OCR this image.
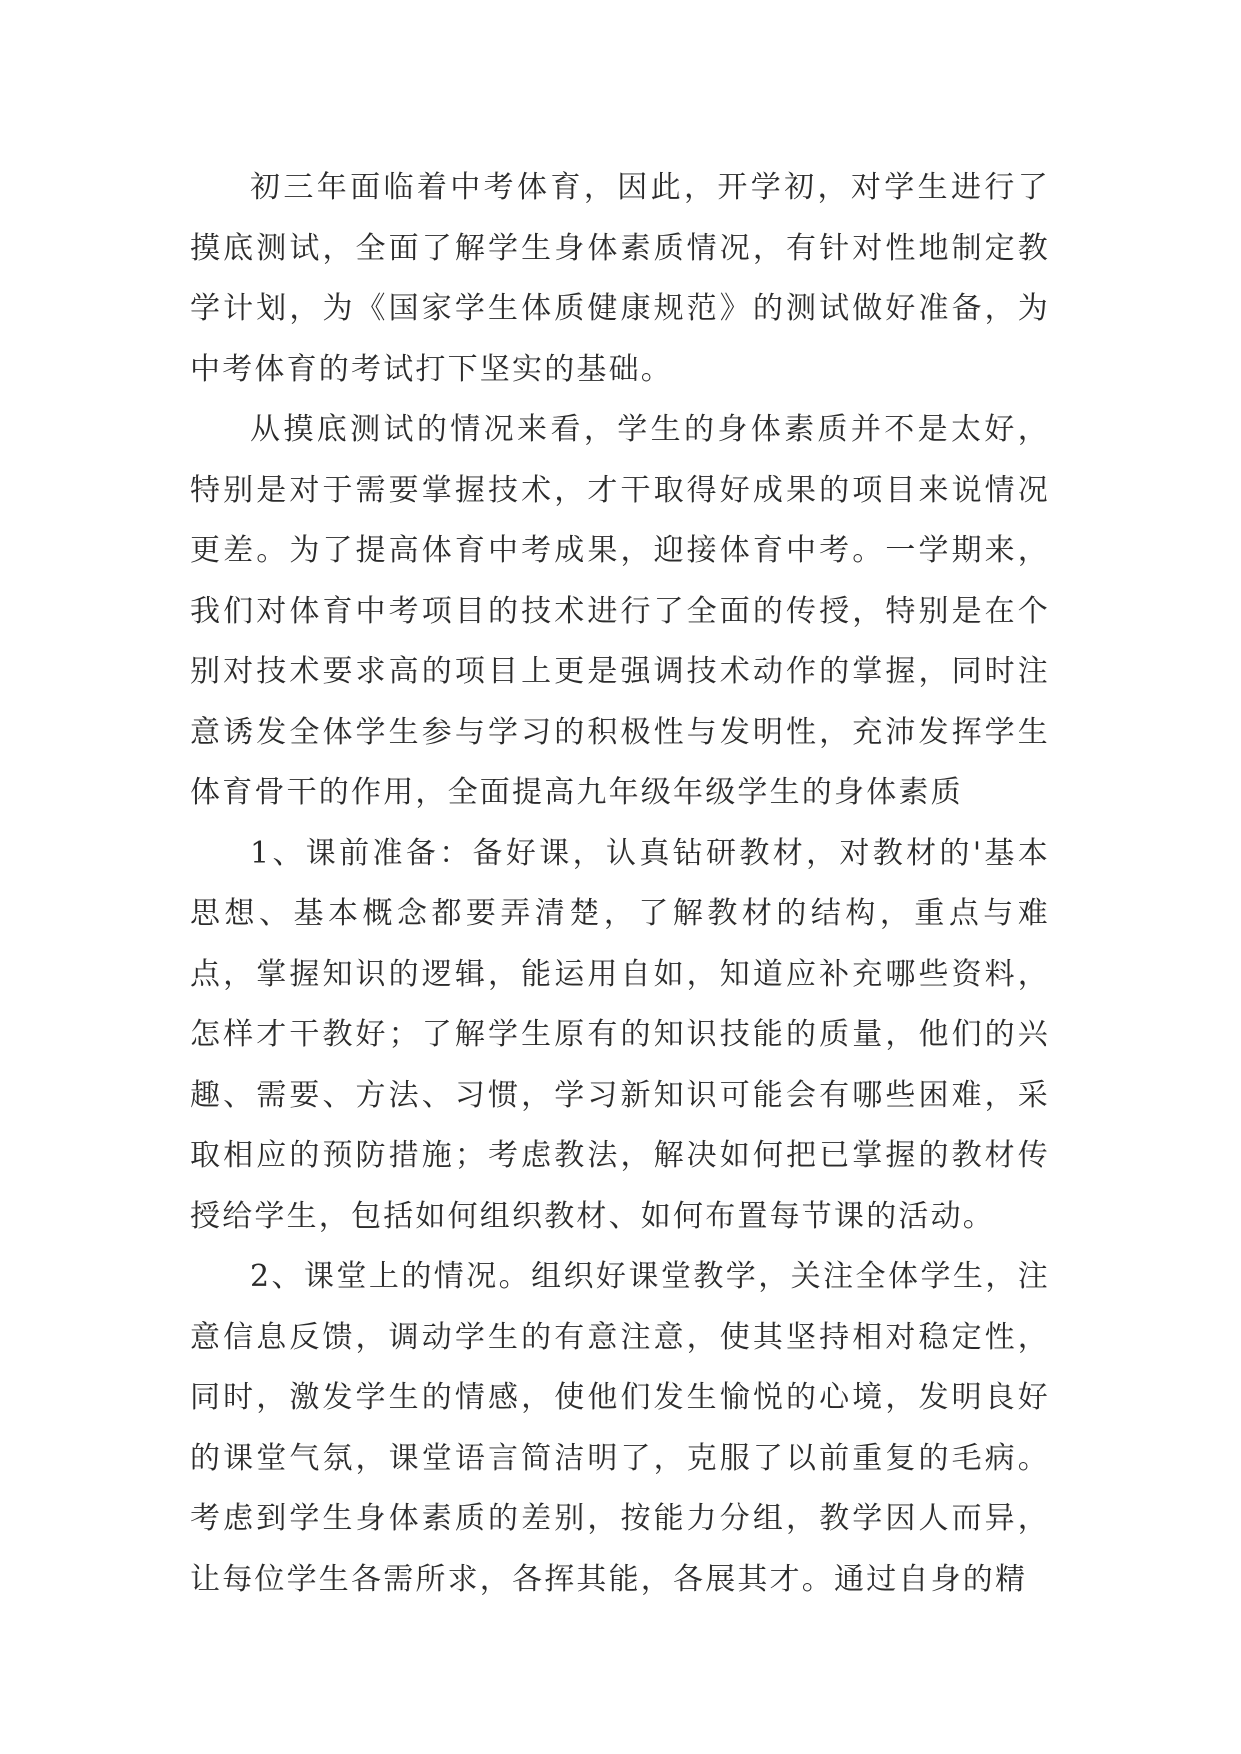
初三年面临着中考体育，因此，开学初，对学生进行了摸底测试，全面了解学生身体素质情况，有针对性地制定教学计划，为《国家学生体质健康规范》的测试做好准备，为中考体育的考试打下坚实的基础。

从摸底测试的情况来看，学生的身体素质并不是太好，特别是对于需要掌握技术，才干取得好成果的项目来说情况更差。为了提高体育中考成果，迎接体育中考。一学期来，我们对体育中考项目的技术进行了全面的传授，特别是在个别对技术要求高的项目上更是强调技术动作的掌握，同时注意诱发全体学生参与学习的积极性与发明性，充沛发挥学生体育骨干的作用，全面提高九年级年级学生的身体素质

1、课前准备：备好课，认真钻研教材，对教材的'基本思想、基本概念都要弄清楚，了解教材的结构，重点与难点，掌握知识的逻辑，能运用自如，知道应补充哪些资料，怎样才干教好；了解学生原有的知识技能的质量，他们的兴趣、需要、方法、习惯，学习新知识可能会有哪些困难，采取相应的预防措施；考虑教法，解决如何把已掌握的教材传授给学生，包括如何组织教材、如何布置每节课的活动。

2、课堂上的情况。组织好课堂教学，关注全体学生，注意信息反馈，调动学生的有意注意，使其坚持相对稳定性，同时，激发学生的情感，使他们发生愉悦的心境，发明良好的课堂气氛，课堂语言简洁明了，克服了以前重复的毛病。考虑到学生身体素质的差别，按能力分组，教学因人而异，让每位学生各需所求，各挥其能，各展其才。通过自身的精
